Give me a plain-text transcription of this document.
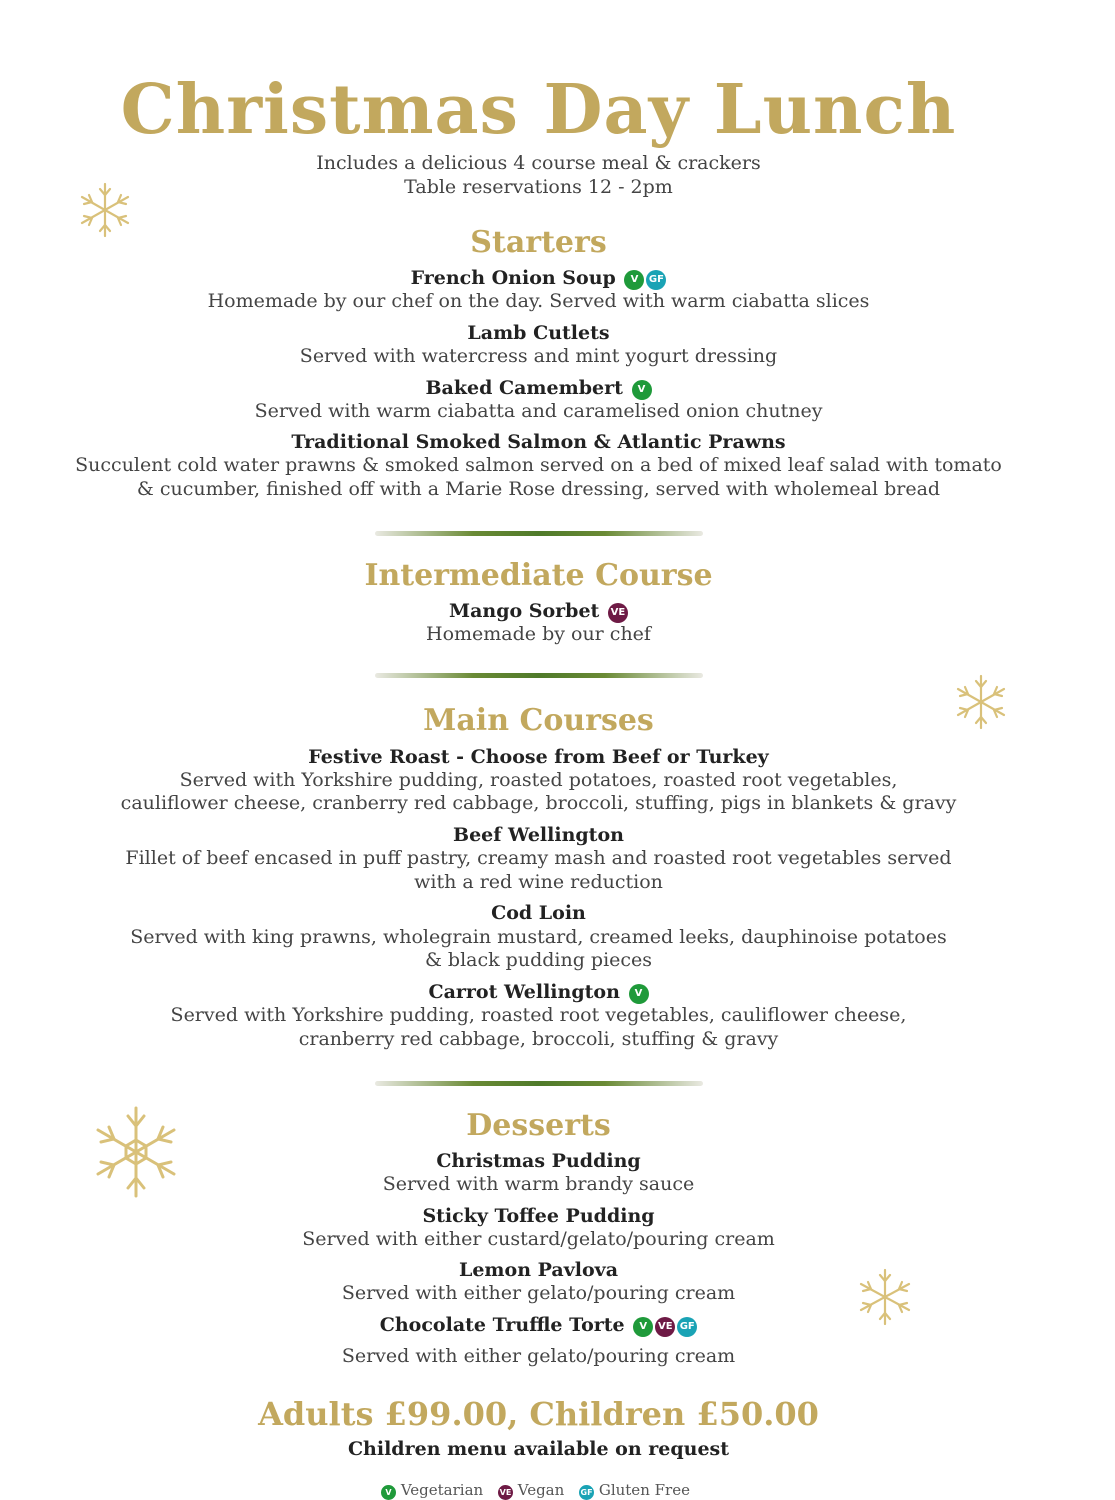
Christmas Day Lunch
Includes a delicious 4 course meal & crackers
Table reservations 12 - 2pm
Starters
French Onion Soup V GF
Homemade by our chef on the day. Served with warm ciabatta slices
Lamb Cutlets
Served with watercress and mint yogurt dressing
Baked Camembert V
Served with warm ciabatta and caramelised onion chutney
Traditional Smoked Salmon & Atlantic Prawns
Succulent cold water prawns & smoked salmon served on a bed of mixed leaf salad with tomato
& cucumber, finished off with a Marie Rose dressing, served with wholemeal bread
Intermediate Course
Mango Sorbet VE
Homemade by our chef
Main Courses
Festive Roast - Choose from Beef or Turkey
Served with Yorkshire pudding, roasted potatoes, roasted root vegetables,
cauliflower cheese, cranberry red cabbage, broccoli, stuffing, pigs in blankets & gravy
Beef Wellington
Fillet of beef encased in puff pastry, creamy mash and roasted root vegetables served
with a red wine reduction
Cod Loin
Served with king prawns, wholegrain mustard, creamed leeks, dauphinoise potatoes
& black pudding pieces
Carrot Wellington V
Served with Yorkshire pudding, roasted root vegetables, cauliflower cheese,
cranberry red cabbage, broccoli, stuffing & gravy
Desserts
Christmas Pudding
Served with warm brandy sauce
Sticky Toffee Pudding
Served with either custard/gelato/pouring cream
Lemon Pavlova
Served with either gelato/pouring cream
Chocolate Truffle Torte V VE GF
Served with either gelato/pouring cream
Adults £99.00, Children £50.00
Children menu available on request
V Vegetarian VE Vegan GF Gluten Free
